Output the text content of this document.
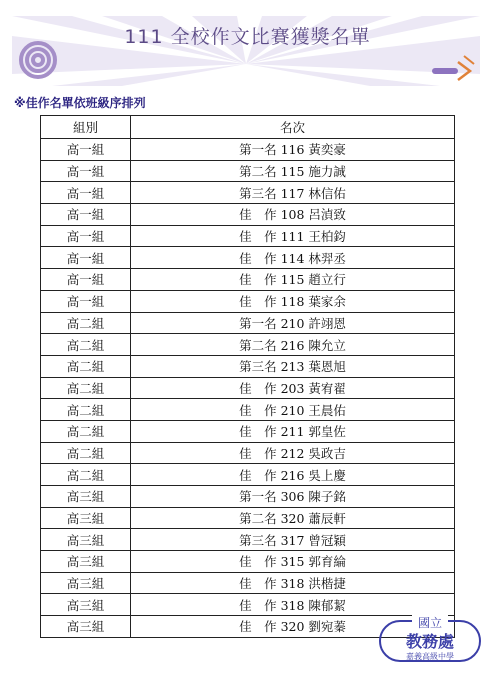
111 全校作文比賽獲獎名單
※佳作名單依班級序排列
組別	名次
高一組	第一名 116 黃奕豪
高一組	第二名 115 施力誠
高一組	第三名 117 林信佑
高一組	佳　作 108 呂湞致
高一組	佳　作 111 王柏鈞
高一組	佳　作 114 林羿丞
高一組	佳　作 115 趙立行
高一組	佳　作 118 葉家余
高二組	第一名 210 許翊恩
高二組	第二名 216 陳允立
高二組	第三名 213 葉恩旭
高二組	佳　作 203 黃宥翟
高二組	佳　作 210 王晨佑
高二組	佳　作 211 郭皇佐
高二組	佳　作 212 吳政吉
高二組	佳　作 216 吳上慶
高三組	第一名 306 陳子銘
高三組	第二名 320 蕭辰軒
高三組	第三名 317 曾冠穎
高三組	佳　作 315 郭育綸
高三組	佳　作 318 洪楷捷
高三組	佳　作 318 陳郁絜
高三組	佳　作 320 劉宛蓁	國立
教務處
嘉義高級中學
